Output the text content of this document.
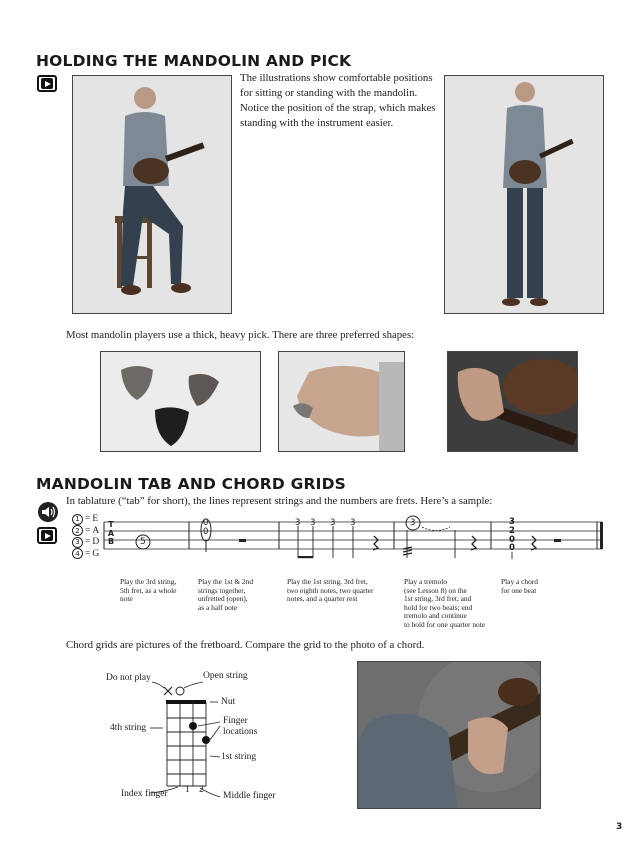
HOLDING THE MANDOLIN AND PICK
The illustrations show comfortable positions for sitting or standing with the mandolin. Notice the position of the strap, which makes standing with the instrument easier.
Most mandolin players use a thick, heavy pick. There are three preferred shapes:
MANDOLIN TAB AND CHORD GRIDS
In tablature (“tab” for short), the lines represent strings and the numbers are frets. Here’s a sample:
1 = E
2 = A
3 = D
4 = G
T
A
B	5
0
0
3 3 3 3	3	3
2
0
0
Play the 3rd string,
5th fret, as a whole
note
Play the 1st & 2nd
strings together,
unfretted (open),
as a half note
Play the 1st string, 3rd fret,
two eighth notes, two quarter
notes, and a quarter rest
Play a tremolo
(see Lesson 8) on the
1st string, 3rd fret, and
hold for two beats; end
tremolo and continue
to hold for one quarter note
Play a chord
for one beat
Chord grids are pictures of the fretboard. Compare the grid to the photo of a chord.
Do not play	Open string
Nut
Finger
locations
4th string
1st string
Index finger 1 2
Middle finger
3
